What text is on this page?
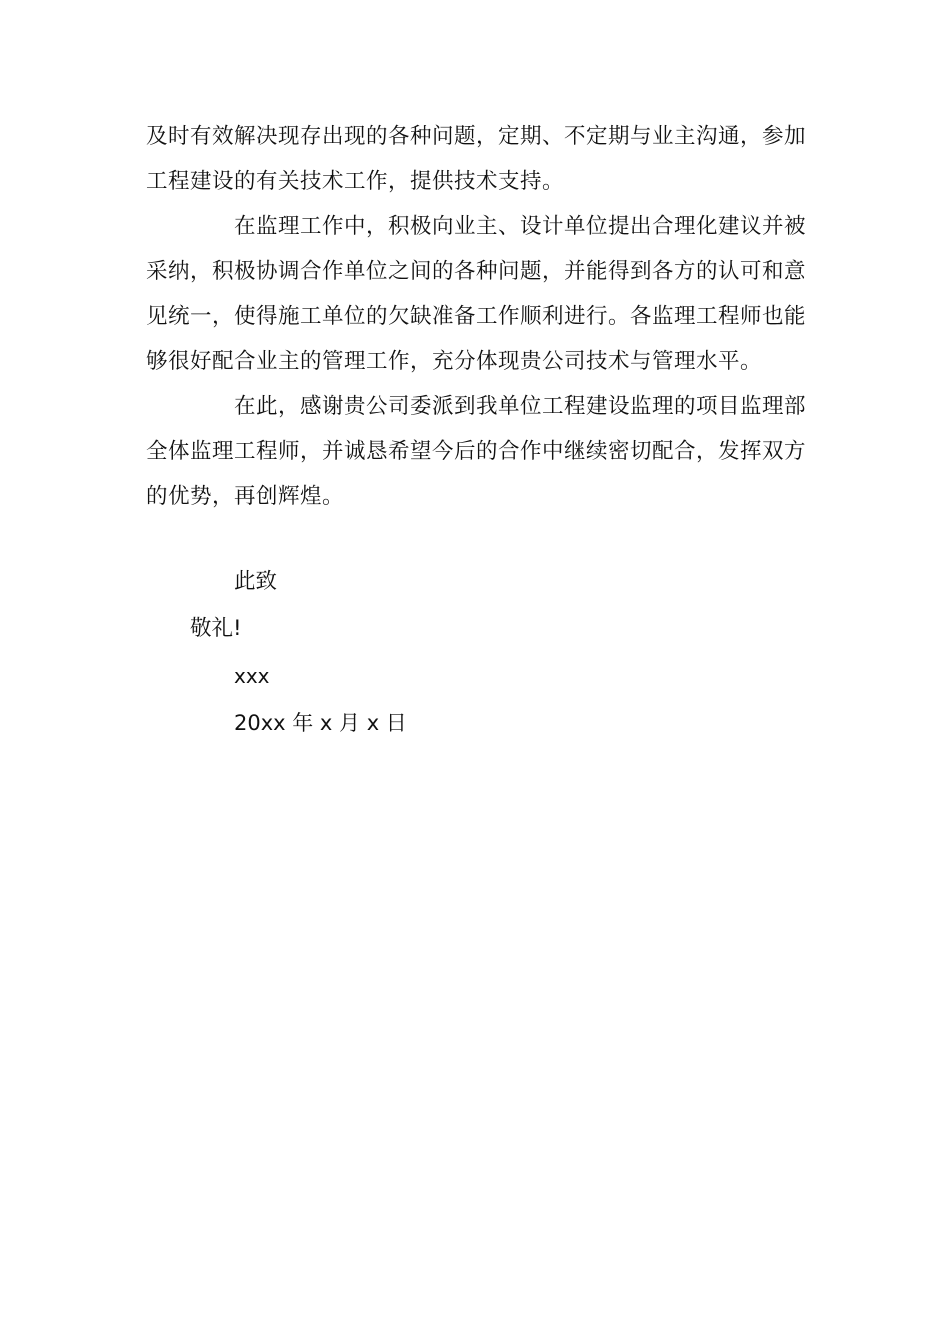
及时有效解决现存出现的各种问题，定期、不定期与业主沟通，参加工程建设的有关技术工作，提供技术支持。

在监理工作中，积极向业主、设计单位提出合理化建议并被采纳，积极协调合作单位之间的各种问题，并能得到各方的认可和意见统一，使得施工单位的欠缺准备工作顺利进行。各监理工程师也能够很好配合业主的管理工作，充分体现贵公司技术与管理水平。

在此，感谢贵公司委派到我单位工程建设监理的项目监理部全体监理工程师，并诚恳希望今后的合作中继续密切配合，发挥双方的优势，再创辉煌。

此致

敬礼!

xxx

20xx 年 x 月 x 日
